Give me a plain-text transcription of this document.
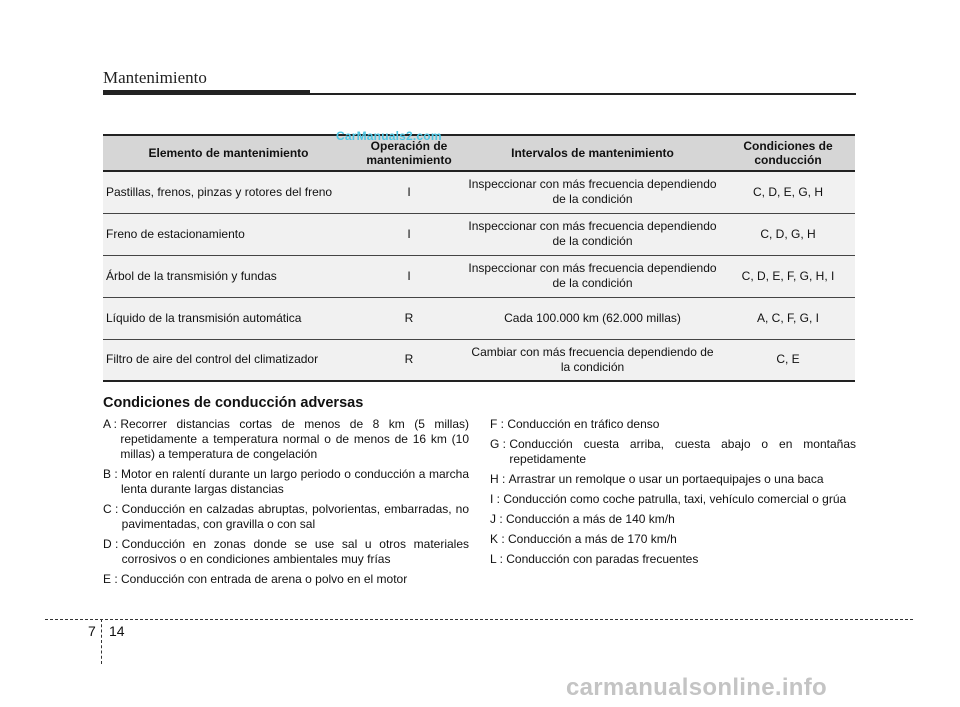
Mantenimiento
Elemento de mantenimiento	Operación de mantenimiento	Intervalos de mantenimiento	Condiciones de conducción
Pastillas, frenos, pinzas y rotores del freno	I	Inspeccionar con más frecuencia dependiendo de la condición	C, D, E, G, H
Freno de estacionamiento	I	Inspeccionar con más frecuencia dependiendo de la condición	C, D, G, H
Árbol de la transmisión y fundas	I	Inspeccionar con más frecuencia dependiendo de la condición	C, D, E, F, G, H, I
Líquido de la transmisión automática	R	Cada 100.000 km (62.000 millas)	A, C, F, G, I
Filtro de aire del control del climatizador	R	Cambiar con más frecuencia dependiendo de la condición	C, E
CarManuals2.com
Condiciones de conducción adversas
A : Recorrer distancias cortas de menos de 8 km (5 millas) repetidamente a temperatura normal o de menos de 16 km (10 millas) a temperatura de congelación
B : Motor en ralentí durante un largo periodo o conducción a marcha lenta durante largas distancias
C : Conducción en calzadas abruptas, polvorientas, embarradas, no pavimentadas, con gravilla o con sal
D : Conducción en zonas donde se use sal u otros materiales corrosivos o en condiciones ambientales muy frías
E : Conducción con entrada de arena o polvo en el motor
F : Conducción en tráfico denso
G : Conducción cuesta arriba, cuesta abajo o en montañas repetidamente
H : Arrastrar un remolque o usar un portaequipajes o una baca
I : Conducción como coche patrulla, taxi, vehículo comercial o grúa
J : Conducción a más de 140 km/h
K : Conducción a más de 170 km/h
L : Conducción con paradas frecuentes
7 14
carmanualsonline.info
